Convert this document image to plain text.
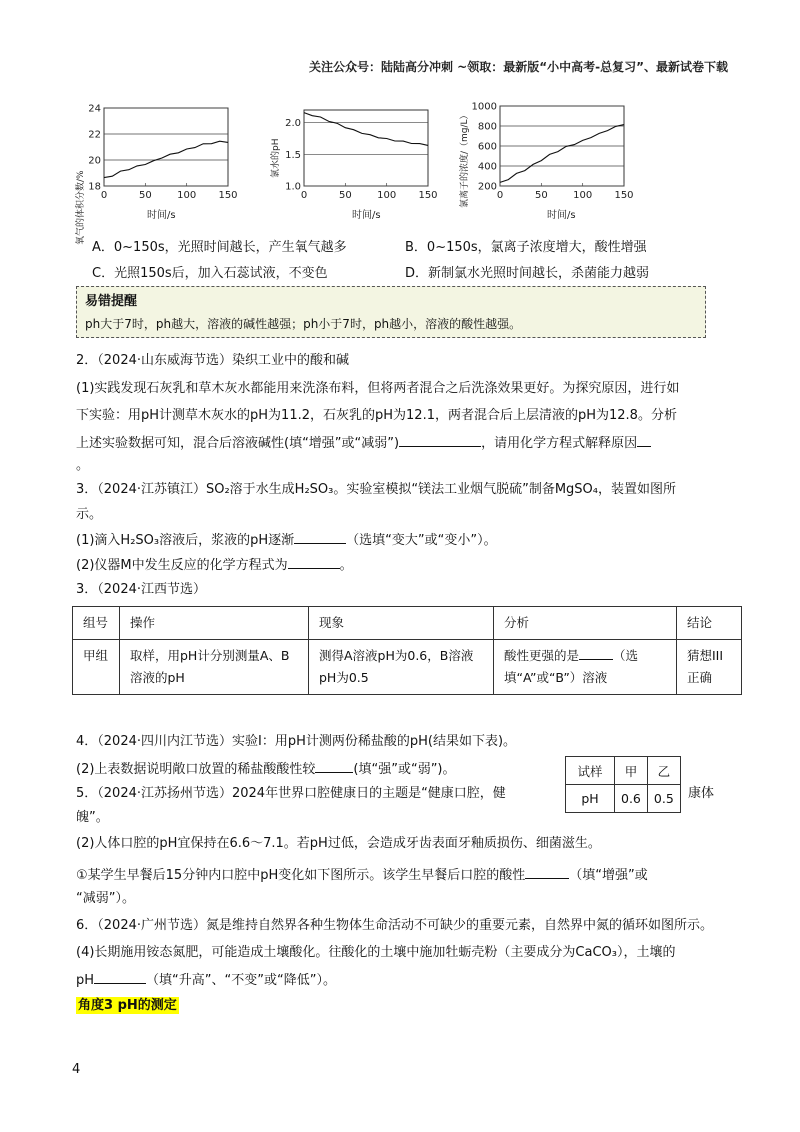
关注公众号：陆陆高分冲刺 ~领取：最新版“小中高考-总复习”、最新试卷下载
氧气的体积分数/%
24
22
20
18
0	50	100 150
时间/s
氯水的pH
2.0
1.5
1.0
0	50	100 150
时间/s
氯离子的浓度/（mg/L）
1000
800
600
400
200
0	50	100 150
时间/s
A．0~150s，光照时间越长，产生氧气越多	B．0~150s，氯离子浓度增大，酸性增强
C．光照150s后，加入石蕊试液，不变色	D．新制氯水光照时间越长，杀菌能力越弱
易错提醒
ph大于7时，ph越大，溶液的碱性越强；ph小于7时，ph越小，溶液的酸性越强。
2．（2024·山东威海节选）染织工业中的酸和碱
(1)实践发现石灰乳和草木灰水都能用来洗涤布料，但将两者混合之后洗涤效果更好。为探究原因，进行如
下实验：用pH计测草木灰水的pH为11.2，石灰乳的pH为12.1，两者混合后上层清液的pH为12.8。分析
上述实验数据可知，混合后溶液碱性(填“增强”或“减弱”)	，请用化学方程式解释原因
。
3．（2024·江苏镇江）SO₂溶于水生成H₂SO₃。实验室模拟“镁法工业烟气脱硫”制备MgSO₄，装置如图所
示。
(1)滴入H₂SO₃溶液后，浆液的pH逐渐	（选填“变大”或“变小”）。
(2)仪器M中发生反应的化学方程式为	。
3．（2024·江西节选）
组号	操作	现象	分析	结论
甲组	取样，用pH计分别测量A、B溶液的pH	测得A溶液pH为0.6，B溶液pH为0.5	酸性更强的是 （选填“A”或“B”）溶液	猜想III正确
4．（2024·四川内江节选）实验Ⅰ：用pH计测两份稀盐酸的pH(结果如下表)。
(2)上表数据说明敞口放置的稀盐酸酸性较	(填“强”或“弱”)。	试样	甲	乙
pH	0.6	0.5
5．（2024·江苏扬州节选）2024年世界口腔健康日的主题是“健康口腔，健	康体
魄”。
(2)人体口腔的pH宜保持在6.6～7.1。若pH过低，会造成牙齿表面牙釉质损伤、细菌滋生。
①某学生早餐后15分钟内口腔中pH变化如下图所示。该学生早餐后口腔的酸性	（填“增强”或
“减弱”）。
6．（2024·广州节选）氮是维持自然界各种生物体生命活动不可缺少的重要元素，自然界中氮的循环如图所示。
(4)长期施用铵态氮肥，可能造成土壤酸化。往酸化的土壤中施加牡蛎壳粉（主要成分为CaCO₃），土壤的
pH	（填“升高”、“不变”或“降低”）。
角度3 pH的测定
4
